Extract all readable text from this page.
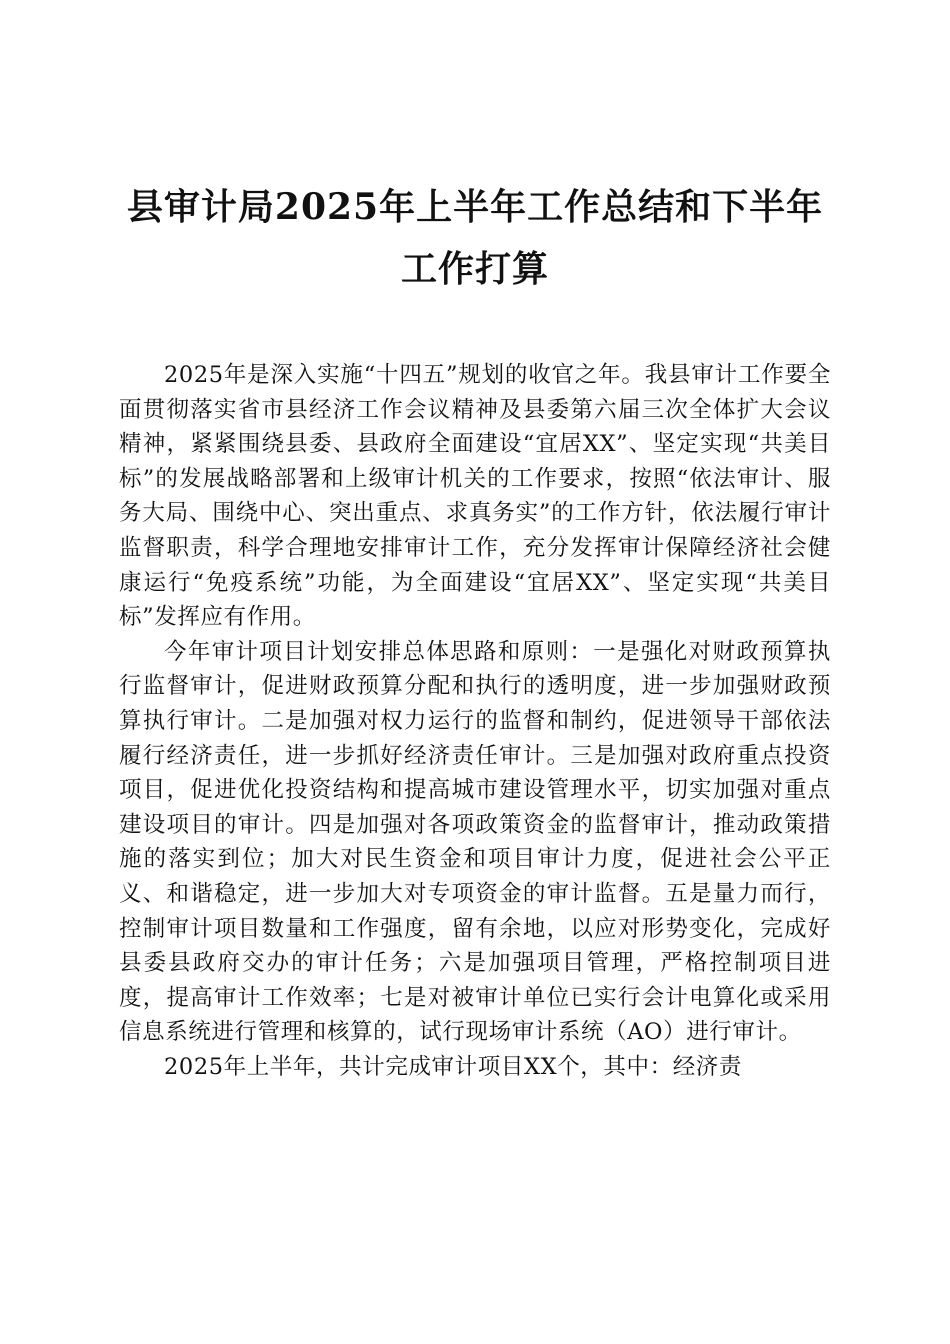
县审计局2025年上半年工作总结和下半年工作打算

2025年是深入实施“十四五”规划的收官之年。我县审计工作要全面贯彻落实省市县经济工作会议精神及县委第六届三次全体扩大会议精神，紧紧围绕县委、县政府全面建设“宜居XX”、坚定实现“共美目标”的发展战略部署和上级审计机关的工作要求，按照“依法审计、服务大局、围绕中心、突出重点、求真务实”的工作方针，依法履行审计监督职责，科学合理地安排审计工作，充分发挥审计保障经济社会健康运行“免疫系统”功能，为全面建设“宜居XX”、坚定实现“共美目标”发挥应有作用。

今年审计项目计划安排总体思路和原则：一是强化对财政预算执行监督审计，促进财政预算分配和执行的透明度，进一步加强财政预算执行审计。二是加强对权力运行的监督和制约，促进领导干部依法履行经济责任，进一步抓好经济责任审计。三是加强对政府重点投资项目，促进优化投资结构和提高城市建设管理水平，切实加强对重点建设项目的审计。四是加强对各项政策资金的监督审计，推动政策措施的落实到位；加大对民生资金和项目审计力度，促进社会公平正义、和谐稳定，进一步加大对专项资金的审计监督。五是量力而行，控制审计项目数量和工作强度，留有余地，以应对形势变化，完成好县委县政府交办的审计任务；六是加强项目管理，严格控制项目进度，提高审计工作效率；七是对被审计单位已实行会计电算化或采用信息系统进行管理和核算的，试行现场审计系统（AO）进行审计。

2025年上半年，共计完成审计项目XX个，其中：经济责
